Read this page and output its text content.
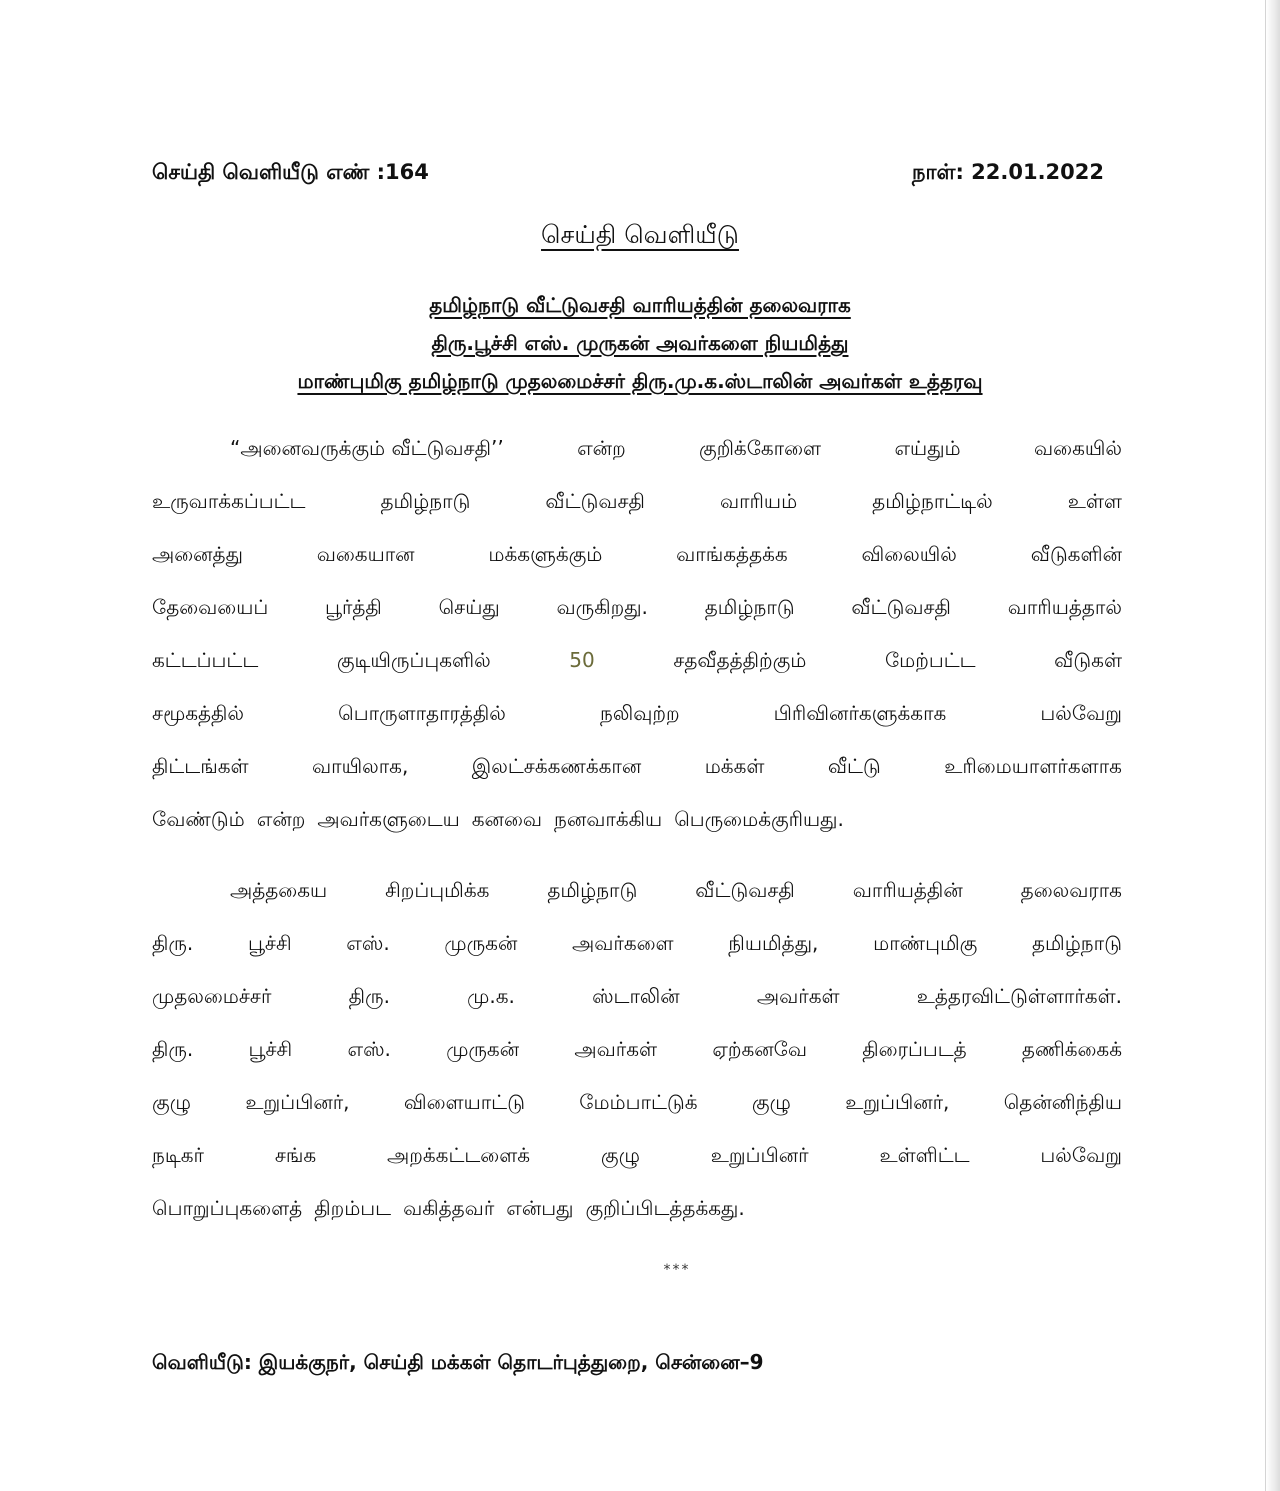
செய்தி வெளியீடு எண் :164	நாள்: 22.01.2022
செய்தி வெளியீடு
தமிழ்நாடு வீட்டுவசதி வாரியத்தின் தலைவராக
திரு.பூச்சி எஸ். முருகன் அவர்களை நியமித்து
மாண்புமிகு தமிழ்நாடு முதலமைச்சர் திரு.மு.க.ஸ்டாலின் அவர்கள் உத்தரவு
“அனைவருக்கும் வீட்டுவசதி’’	என்ற	குறிக்கோளை	எய்தும்	வகையில்
உருவாக்கப்பட்ட	தமிழ்நாடு	வீட்டுவசதி	வாரியம்	தமிழ்நாட்டில்	உள்ள
அனைத்து	வகையான	மக்களுக்கும்	வாங்கத்தக்க	விலையில்	வீடுகளின்
தேவையைப்	பூர்த்தி	செய்து	வருகிறது.	தமிழ்நாடு	வீட்டுவசதி	வாரியத்தால்
கட்டப்பட்ட	குடியிருப்புகளில்	50	சதவீதத்திற்கும்	மேற்பட்ட	வீடுகள்
சமூகத்தில்	பொருளாதாரத்தில்	நலிவுற்ற	பிரிவினர்களுக்காக	பல்வேறு
திட்டங்கள்	வாயிலாக,	இலட்சக்கணக்கான	மக்கள்	வீட்டு	உரிமையாளர்களாக
வேண்டும் என்ற அவர்களுடைய கனவை நனவாக்கிய பெருமைக்குரியது.
அத்தகைய	சிறப்புமிக்க	தமிழ்நாடு	வீட்டுவசதி	வாரியத்தின்	தலைவராக
திரு.	பூச்சி	எஸ்.	முருகன்	அவர்களை	நியமித்து,	மாண்புமிகு	தமிழ்நாடு
முதலமைச்சர்	திரு.	மு.க.	ஸ்டாலின்	அவர்கள்	உத்தரவிட்டுள்ளார்கள்.
திரு.	பூச்சி	எஸ்.	முருகன்	அவர்கள்	ஏற்கனவே	திரைப்படத்	தணிக்கைக்
குழு	உறுப்பினர்,	விளையாட்டு	மேம்பாட்டுக்	குழு	உறுப்பினர்,	தென்னிந்திய
நடிகர்	சங்க	அறக்கட்டளைக்	குழு	உறுப்பினர்	உள்ளிட்ட	பல்வேறு
பொறுப்புகளைத் திறம்பட வகித்தவர் என்பது குறிப்பிடத்தக்கது.
***
வெளியீடு: இயக்குநர், செய்தி மக்கள் தொடர்புத்துறை, சென்னை–9
